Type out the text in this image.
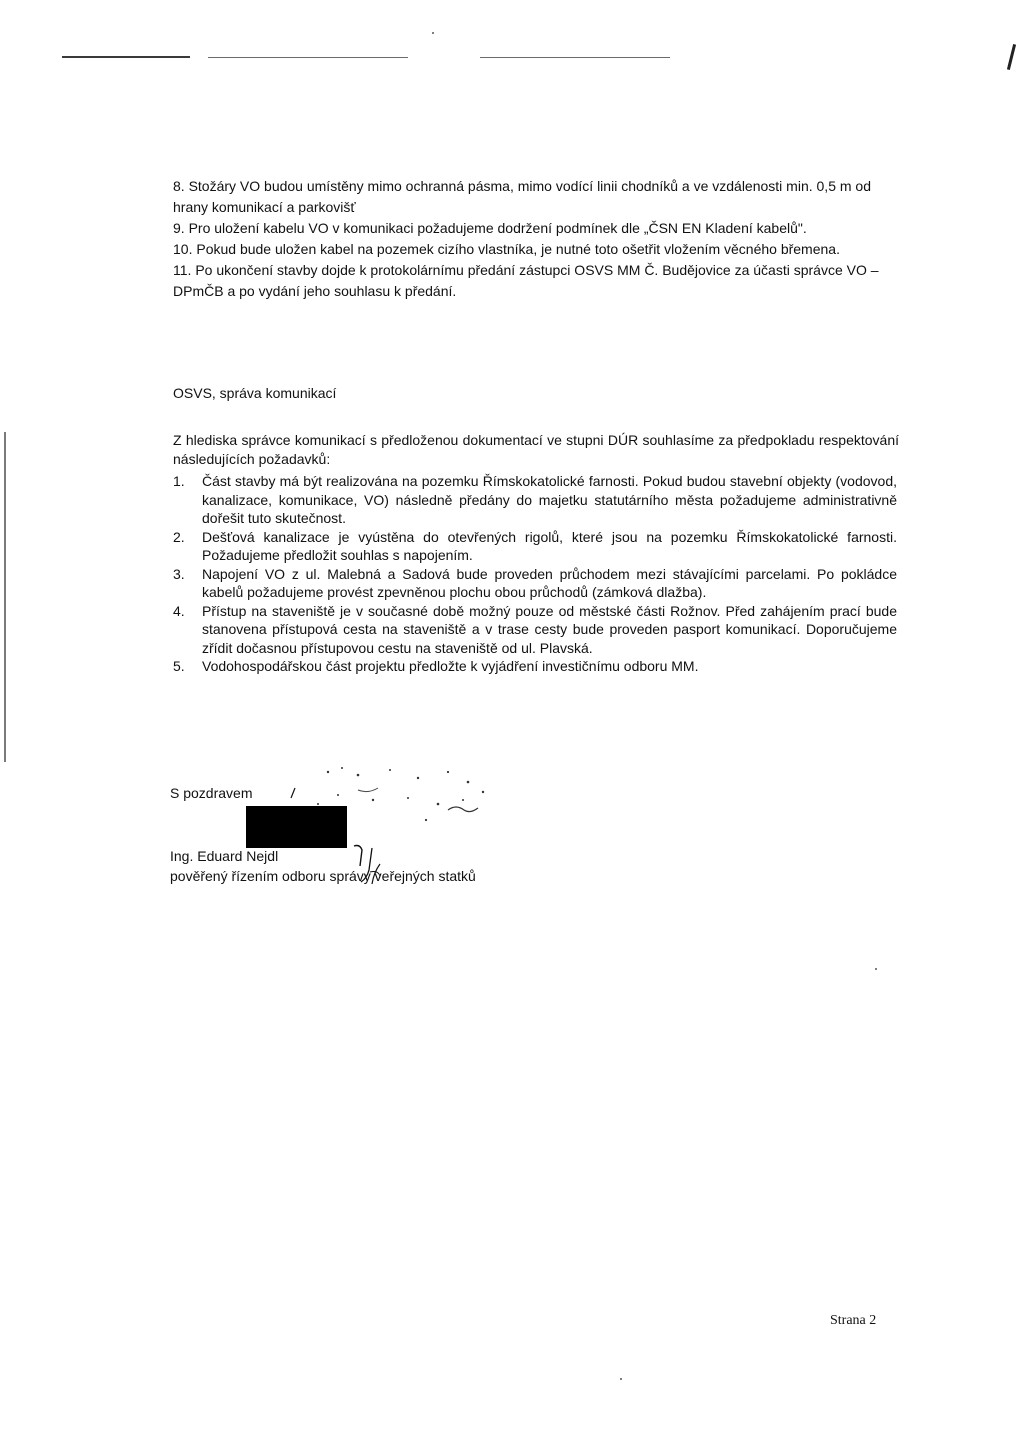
8. Stožáry VO budou umístěny mimo ochranná pásma, mimo vodící linii chodníků a ve vzdálenosti min. 0,5 m od hrany komunikací a parkovišť

9. Pro uložení kabelu VO v komunikaci požadujeme dodržení podmínek dle „ČSN EN Kladení kabelů".

10. Pokud bude uložen kabel na pozemek cizího vlastníka, je nutné toto ošetřit vložením věcného břemena.

11. Po ukončení stavby dojde k protokolárnímu předání zástupci OSVS MM Č. Budějovice za účasti správce VO – DPmČB a po vydání jeho souhlasu k předání.

OSVS, správa komunikací

Z hlediska správce komunikací s předloženou dokumentací ve stupni DÚR souhlasíme za předpokladu respektování následujících požadavků:

1. Část stavby má být realizována na pozemku Římskokatolické farnosti. Pokud budou stavební objekty (vodovod, kanalizace, komunikace, VO) následně předány do majetku statutárního města požadujeme administrativně dořešit tuto skutečnost.
2. Dešťová kanalizace je vyústěna do otevřených rigolů, které jsou na pozemku Římskokatolické farnosti. Požadujeme předložit souhlas s napojením.
3. Napojení VO z ul. Malebná a Sadová bude proveden průchodem mezi stávajícími parcelami. Po pokládce kabelů požadujeme provést zpevněnou plochu obou průchodů (zámková dlažba).
4. Přístup na staveniště je v současné době možný pouze od městské části Rožnov. Před zahájením prací bude stanovena přístupová cesta na staveniště a v trase cesty bude proveden pasport komunikací. Doporučujeme zřídit dočasnou přístupovou cestu na staveniště od ul. Plavská.
5. Vodohospodářskou část projektu předložte k vyjádření investičnímu odboru MM.
S pozdravem
Ing. Eduard Nejdl
pověřený řízením odboru správy veřejných statků
Strana 2
